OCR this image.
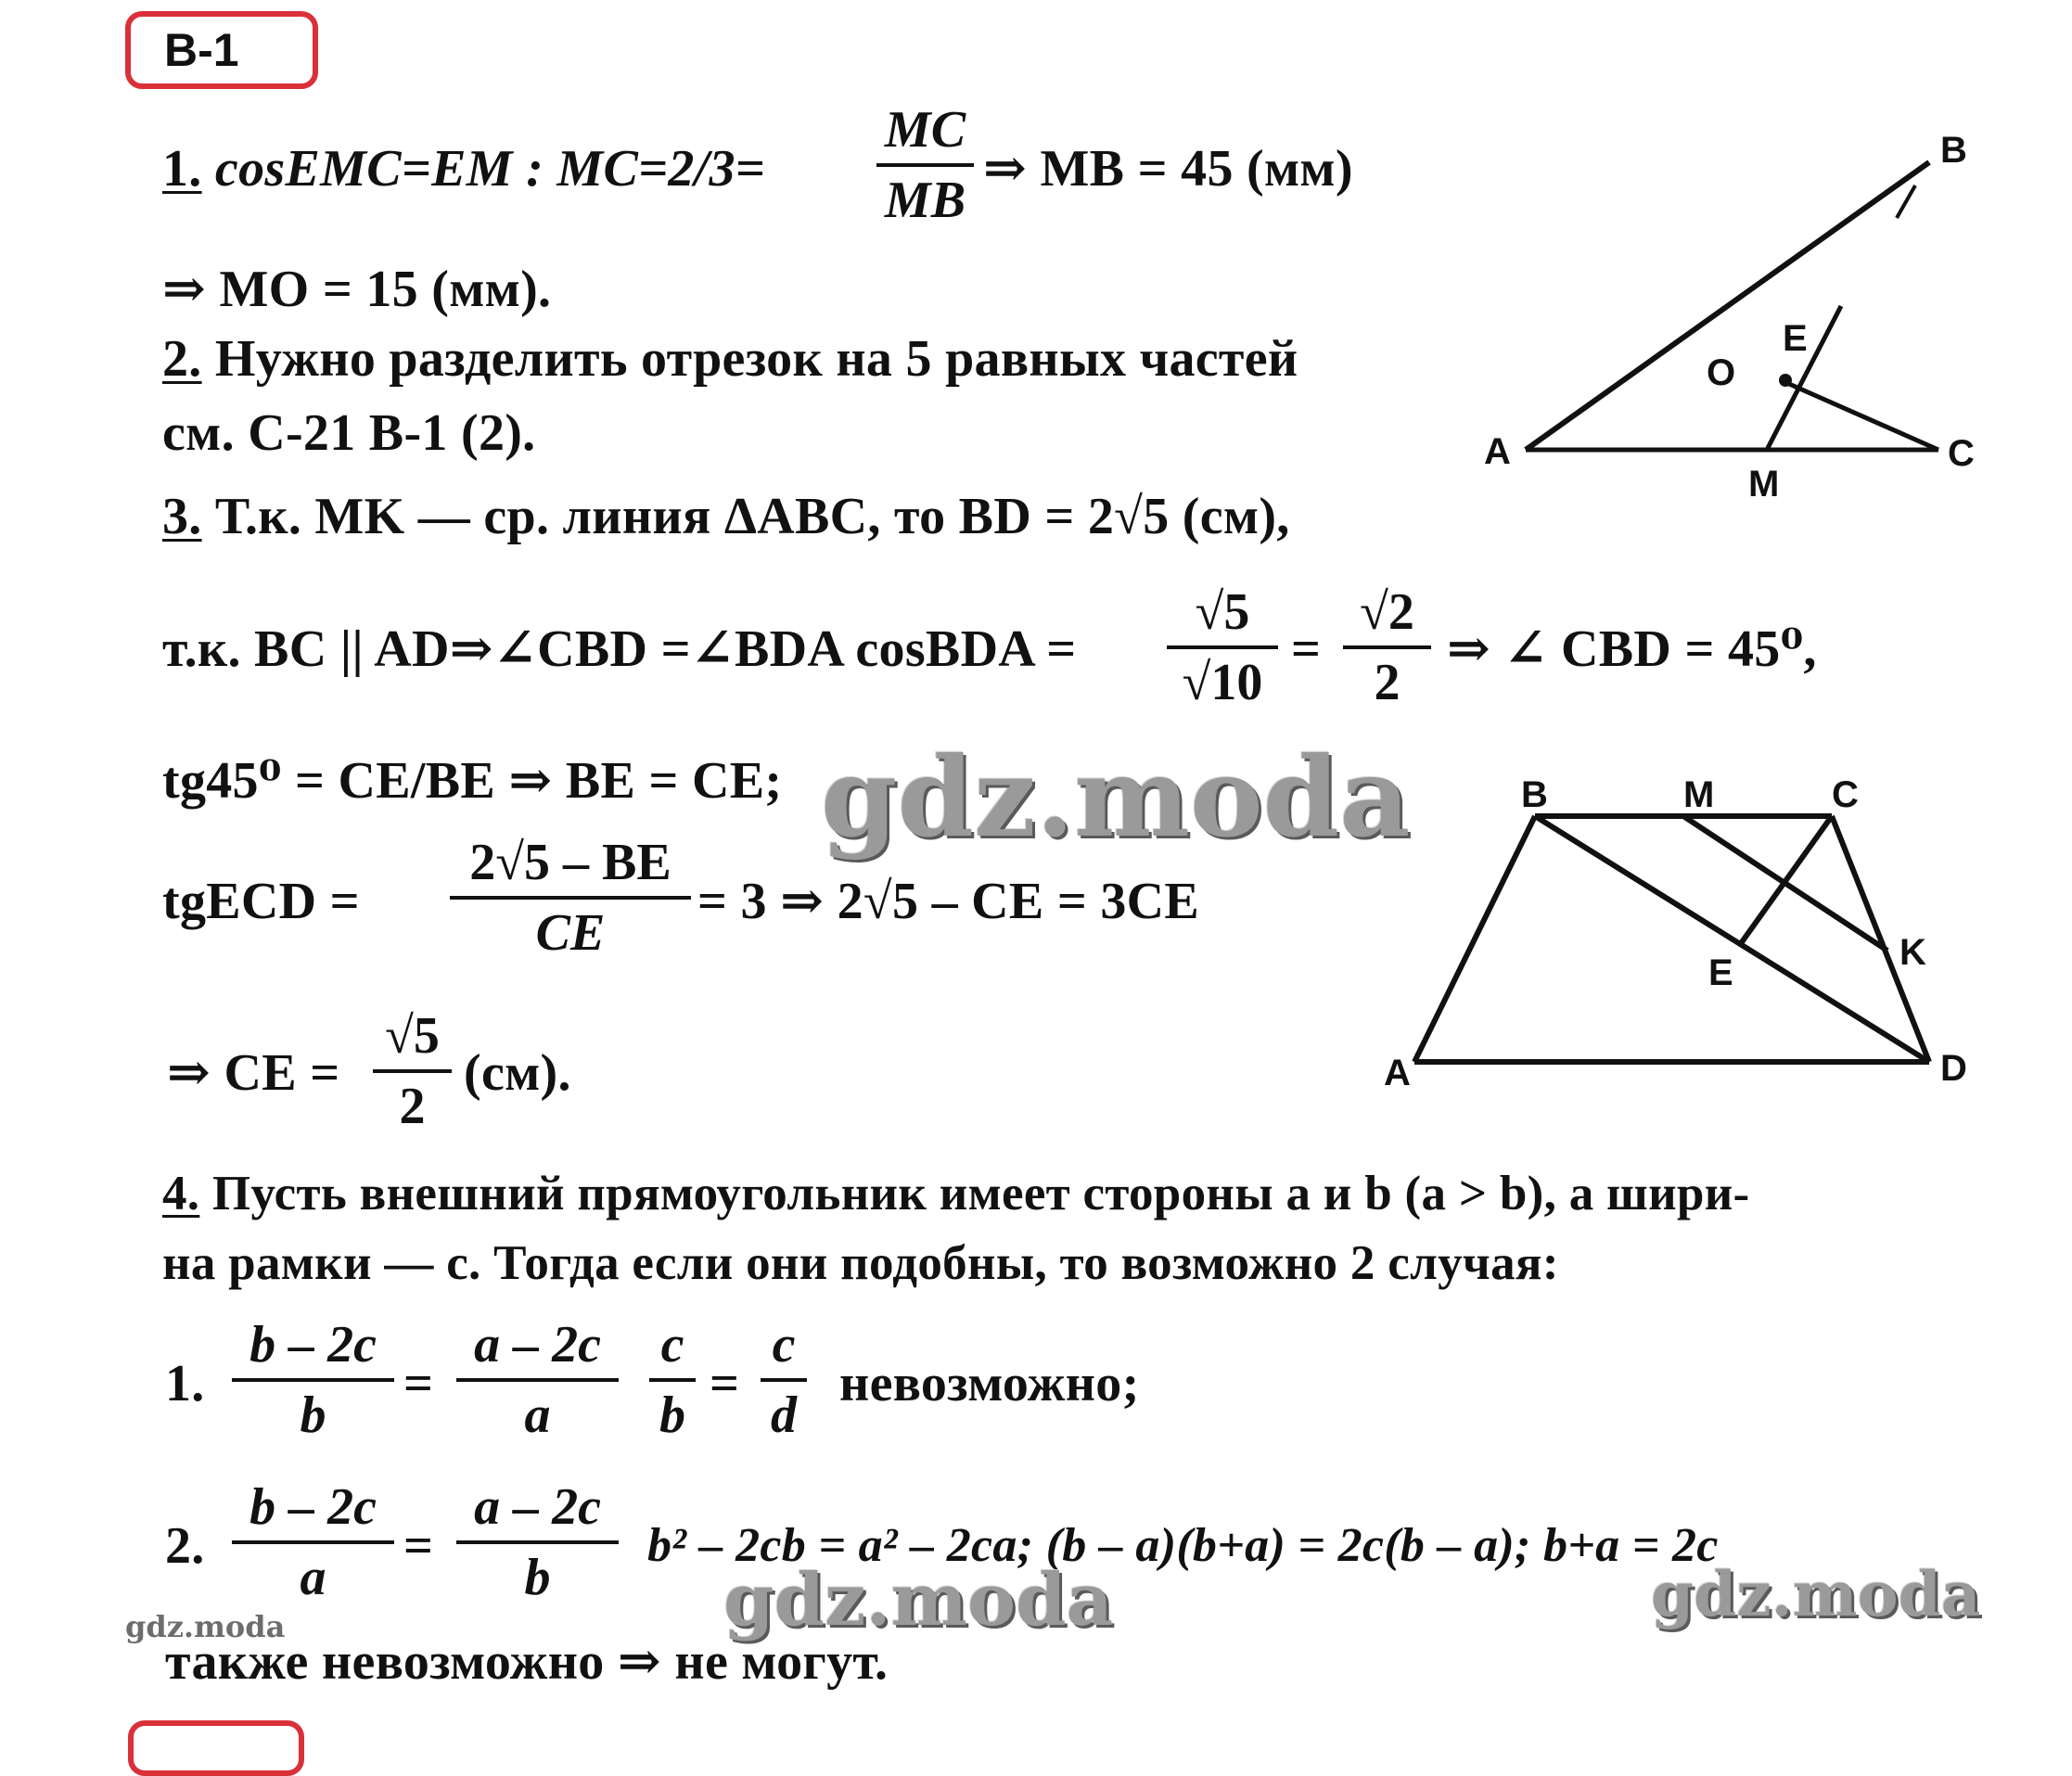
В-1
1. cosEMC=EM : MC=2/3=
MC
MB
⇒ MB = 45 (мм)
⇒ MO = 15 (мм).
2. Нужно разделить отрезок на 5 равных частей
см. С-21 В-1 (2).
3. Т.к. MK — ср. линия ΔABC, то BD = 2√5 (см),
т.к. BC || AD⇒∠CBD =∠BDA cosBDA =
√5
√10
=
√2
2
⇒ ∠ CBD = 45⁰,
tg45⁰ = CE/BE ⇒ BE = CE;
tgECD =
2√5 – BE
CE
= 3 ⇒ 2√5 – CE = 3CE
⇒ CE =
√5
2
(см).
4. Пусть внешний прямоугольник имеет стороны a и b (a > b), а шири-
на рамки — c. Тогда если они подобны, то возможно 2 случая:
1.
b – 2c
b
=
a – 2c
a
c
b
=
c
d
невозможно;
2.
b – 2c
a
=
a – 2c
b
b² – 2cb = a² – 2ca; (b – a)(b+a) = 2c(b – a); b+a = 2c
также невозможно ⇒ не могут.
A
B
C
M
O
E
B	M	C
K
E
A	D
gdz.moda
gdz.moda	gdz.moda
gdz.moda
